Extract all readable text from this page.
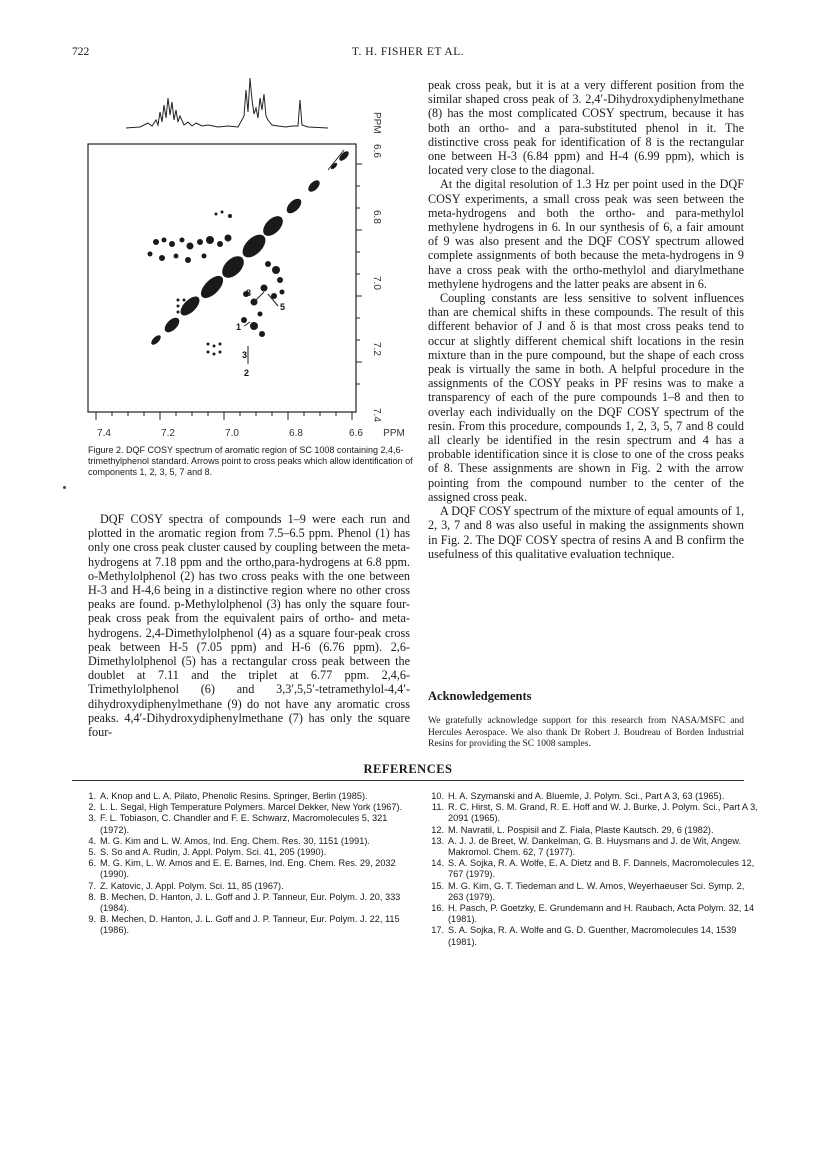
722	T. H. FISHER ET AL.
8
5
1
3
2
PPM
6.6
6.8
7.0
7.2
7.4
7.4	7.2	7.0	6.8	6.6 PPM
Figure 2. DQF COSY spectrum of aromatic region of SC 1008 containing 2,4,6-trimethylphenol standard. Arrows point to cross peaks which allow identification of components 1, 2, 3, 5, 7 and 8.

DQF COSY spectra of compounds 1–9 were each run and plotted in the aromatic region from 7.5–6.5 ppm. Phenol (1) has only one cross peak cluster caused by coupling between the meta-hydrogens at 7.18 ppm and the ortho,para-hydrogens at 6.8 ppm. o-Methylolphenol (2) has two cross peaks with the one between H-3 and H-4,6 being in a distinctive region where no other cross peaks are found. p-Methylolphenol (3) has only the square four-peak cross peak from the equivalent pairs of ortho- and meta-hydrogens. 2,4-Dimethylolphenol (4) as a square four-peak cross peak between H-5 (7.05 ppm) and H-6 (6.76 ppm). 2,6-Dimethylolphenol (5) has a rectangular cross peak between the doublet at 7.11 and the triplet at 6.77 ppm. 2,4,6-Trimethylolphenol (6) and 3,3′,5,5′-tetramethylol-4,4′-dihydroxydiphenylmethane (9) do not have any aromatic cross peaks. 4,4′-Dihydroxydiphenylmethane (7) has only the square four-

peak cross peak, but it is at a very different position from the similar shaped cross peak of 3. 2,4′-Dihydroxydiphenylmethane (8) has the most complicated COSY spectrum, because it has both an ortho- and a para-substituted phenol in it. The distinctive cross peak for identification of 8 is the rectangular one between H-3 (6.84 ppm) and H-4 (6.99 ppm), which is located very close to the diagonal.

At the digital resolution of 1.3 Hz per point used in the DQF COSY experiments, a small cross peak was seen between the meta-hydrogens and both the ortho- and para-methylol methylene hydrogens in 6. In our synthesis of 6, a fair amount of 9 was also present and the DQF COSY spectrum allowed complete assignments of both because the meta-hydrogens in 9 have a cross peak with the ortho-methylol and diarylmethane methylene hydrogens and the latter peaks are absent in 6.

Coupling constants are less sensitive to solvent influences than are chemical shifts in these compounds. The result of this different behavior of J and δ is that most cross peaks tend to occur at slightly different chemical shift locations in the resin mixture than in the pure compound, but the shape of each cross peak is virtually the same in both. A helpful procedure in the assignments of the COSY peaks in PF resins was to make a transparency of each of the pure compounds 1–8 and then to overlay each individually on the DQF COSY spectrum of the resin. From this procedure, compounds 1, 2, 3, 5, 7 and 8 could all clearly be identified in the resin spectrum and 4 has a probable identification since it is close to one of the cross peaks of 8. These assignments are shown in Fig. 2 with the arrow pointing from the compound number to the center of the assigned cross peak.

A DQF COSY spectrum of the mixture of equal amounts of 1, 2, 3, 7 and 8 was also useful in making the assignments shown in Fig. 2. The DQF COSY spectra of resins A and B confirm the usefulness of this qualitative evaluation technique.

Acknowledgements
We gratefully acknowledge support for this research from NASA/MSFC and Hercules Aerospace. We also thank Dr Robert J. Boudreau of Borden Industrial Resins for providing the SC 1008 samples.
REFERENCES
1. A. Knop and L. A. Pilato, Phenolic Resins. Springer, Berlin (1985).
2. L. L. Segal, High Temperature Polymers. Marcel Dekker, New York (1967).
3. F. L. Tobiason, C. Chandler and F. E. Schwarz, Macromolecules 5, 321 (1972).
4. M. G. Kim and L. W. Amos, Ind. Eng. Chem. Res. 30, 1151 (1991).
5. S. So and A. Rudin, J. Appl. Polym. Sci. 41, 205 (1990).
6. M. G. Kim, L. W. Amos and E. E. Barnes, Ind. Eng. Chem. Res. 29, 2032 (1990).
7. Z. Katovic, J. Appl. Polym. Sci. 11, 85 (1967).
8. B. Mechen, D. Hanton, J. L. Goff and J. P. Tanneur, Eur. Polym. J. 20, 333 (1984).
9. B. Mechen, D. Hanton, J. L. Goff and J. P. Tanneur, Eur. Polym. J. 22, 115 (1986).
10. H. A. Szymanski and A. Bluemle, J. Polym. Sci., Part A 3, 63 (1965).
11. R. C. Hirst, S. M. Grand, R. E. Hoff and W. J. Burke, J. Polym. Sci., Part A 3, 2091 (1965).
12. M. Navratil, L. Pospisil and Z. Fiala, Plaste Kautsch. 29, 6 (1982).
13. A. J. J. de Breet, W. Dankelman, G. B. Huysmans and J. de Wit, Angew. Makromol. Chem. 62, 7 (1977).
14. S. A. Sojka, R. A. Wolfe, E. A. Dietz and B. F. Dannels, Macromolecules 12, 767 (1979).
15. M. G. Kim, G. T. Tiedeman and L. W. Amos, Weyerhaeuser Sci. Symp. 2, 263 (1979).
16. H. Pasch, P. Goetzky, E. Grundemann and H. Raubach, Acta Polym. 32, 14 (1981).
17. S. A. Sojka, R. A. Wolfe and G. D. Guenther, Macromolecules 14, 1539 (1981).
